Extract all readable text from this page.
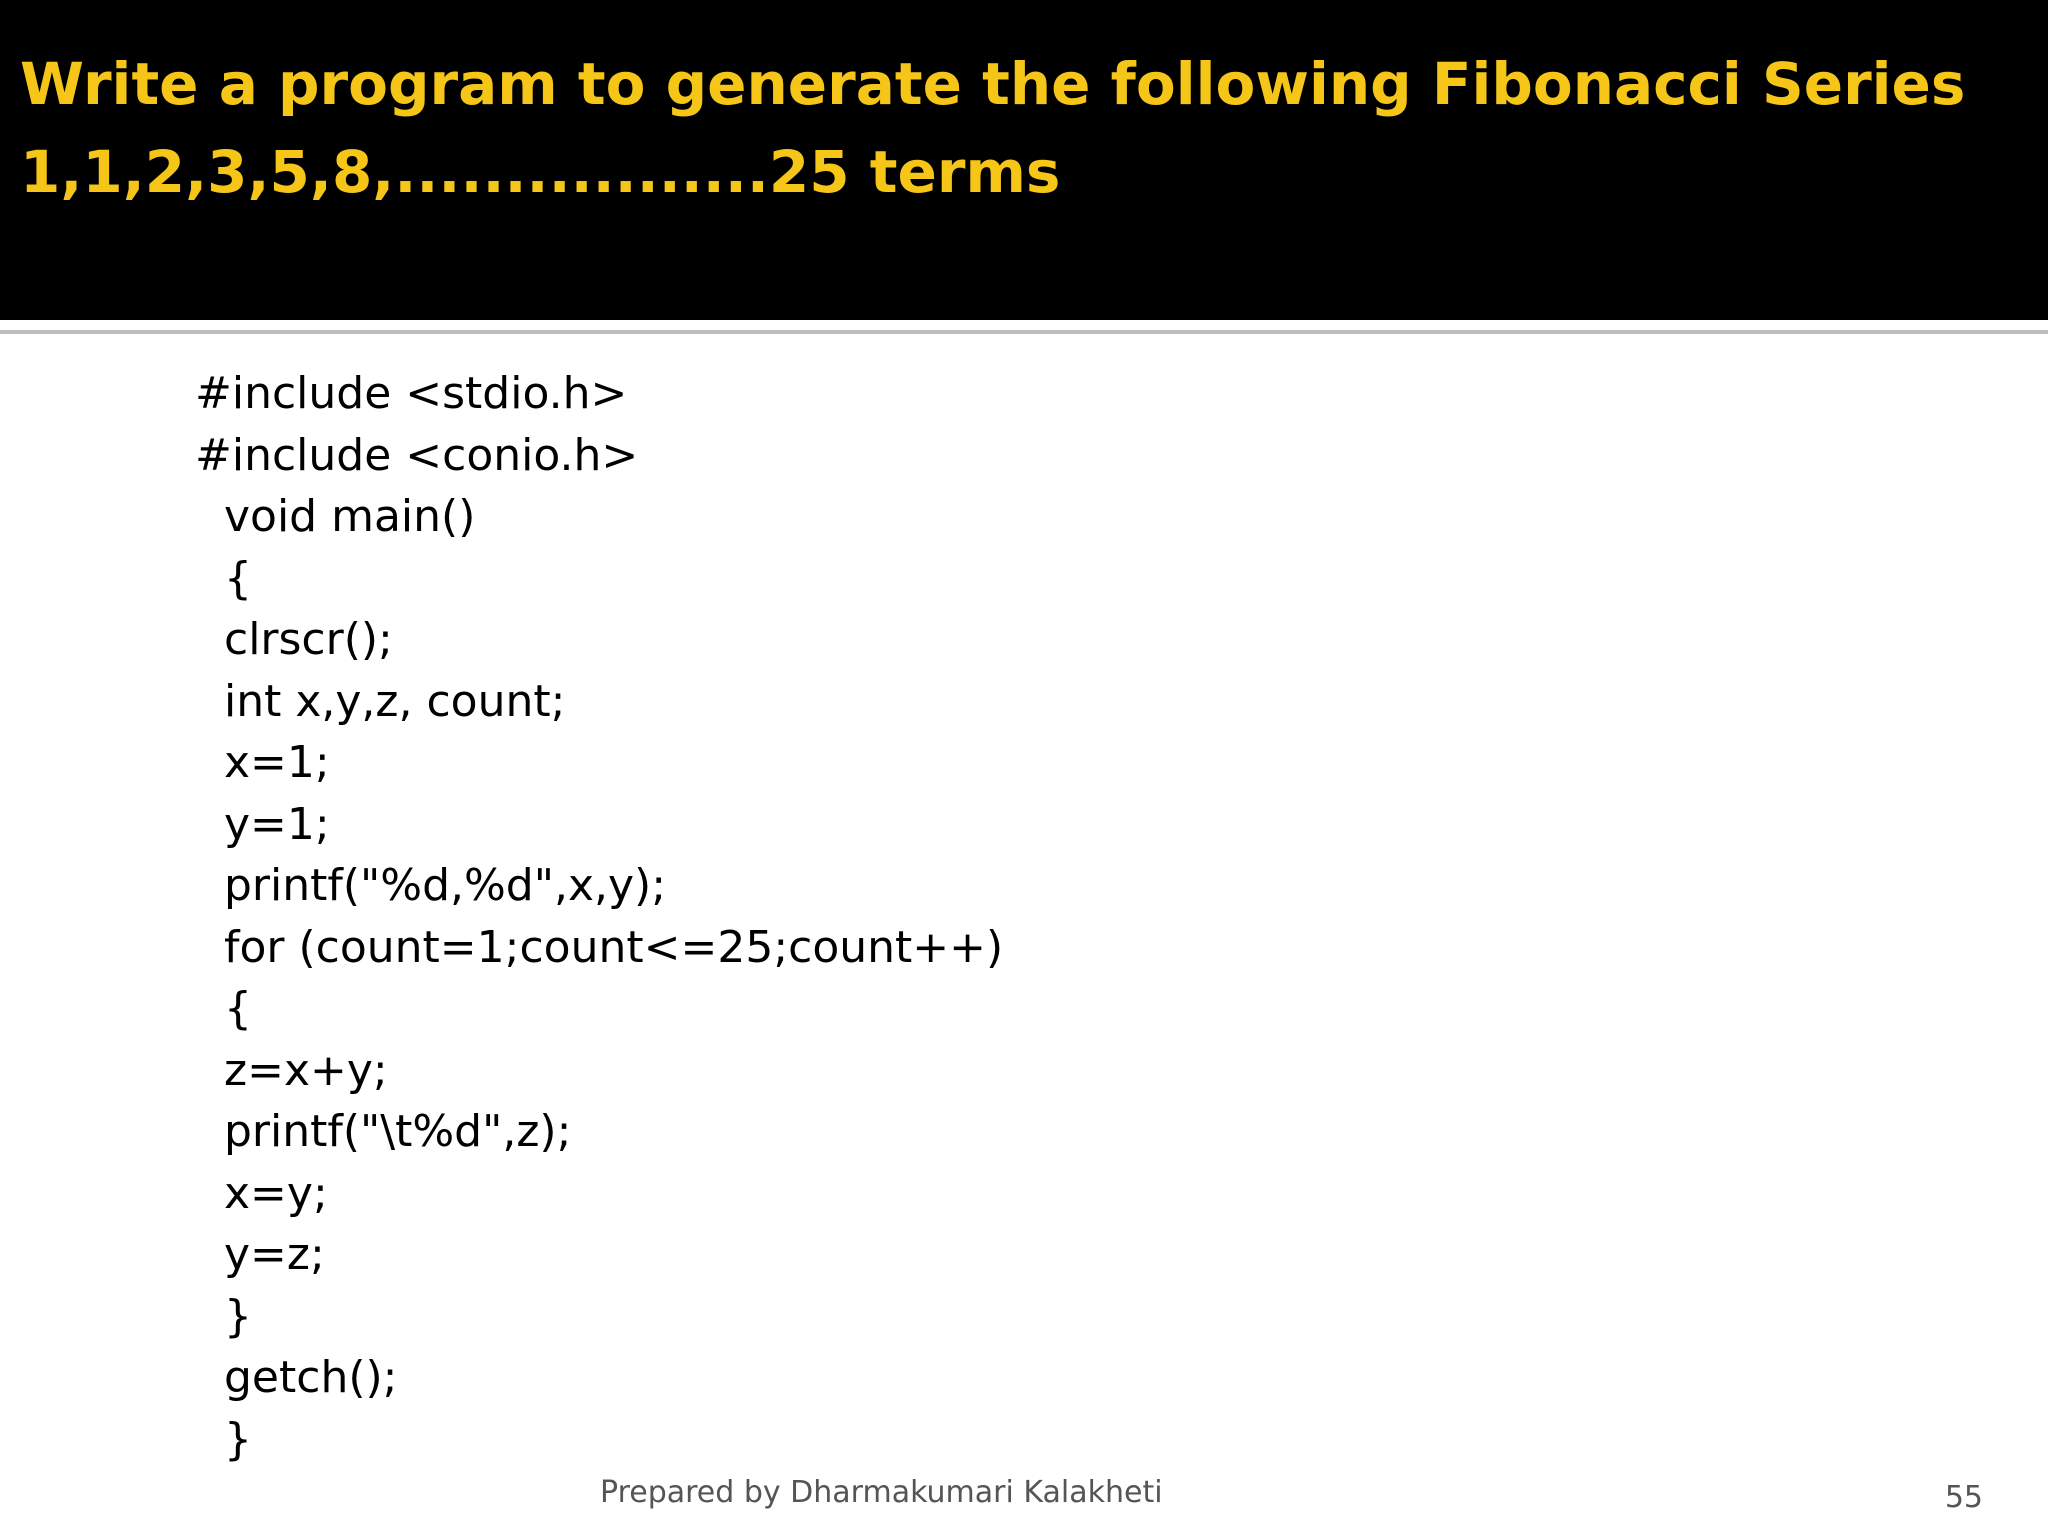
Write a program to generate the following Fibonacci Series
1,1,2,3,5,8,.................25 terms
#include <stdio.h>
#include <conio.h>
void main()
{
clrscr();
int x,y,z, count;
x=1;
y=1;
printf("%d,%d",x,y);
for (count=1;count<=25;count++)
{
z=x+y;
printf("\t%d",z);
x=y;
y=z;
}
getch();
}
Prepared by Dharmakumari Kalakheti	55
